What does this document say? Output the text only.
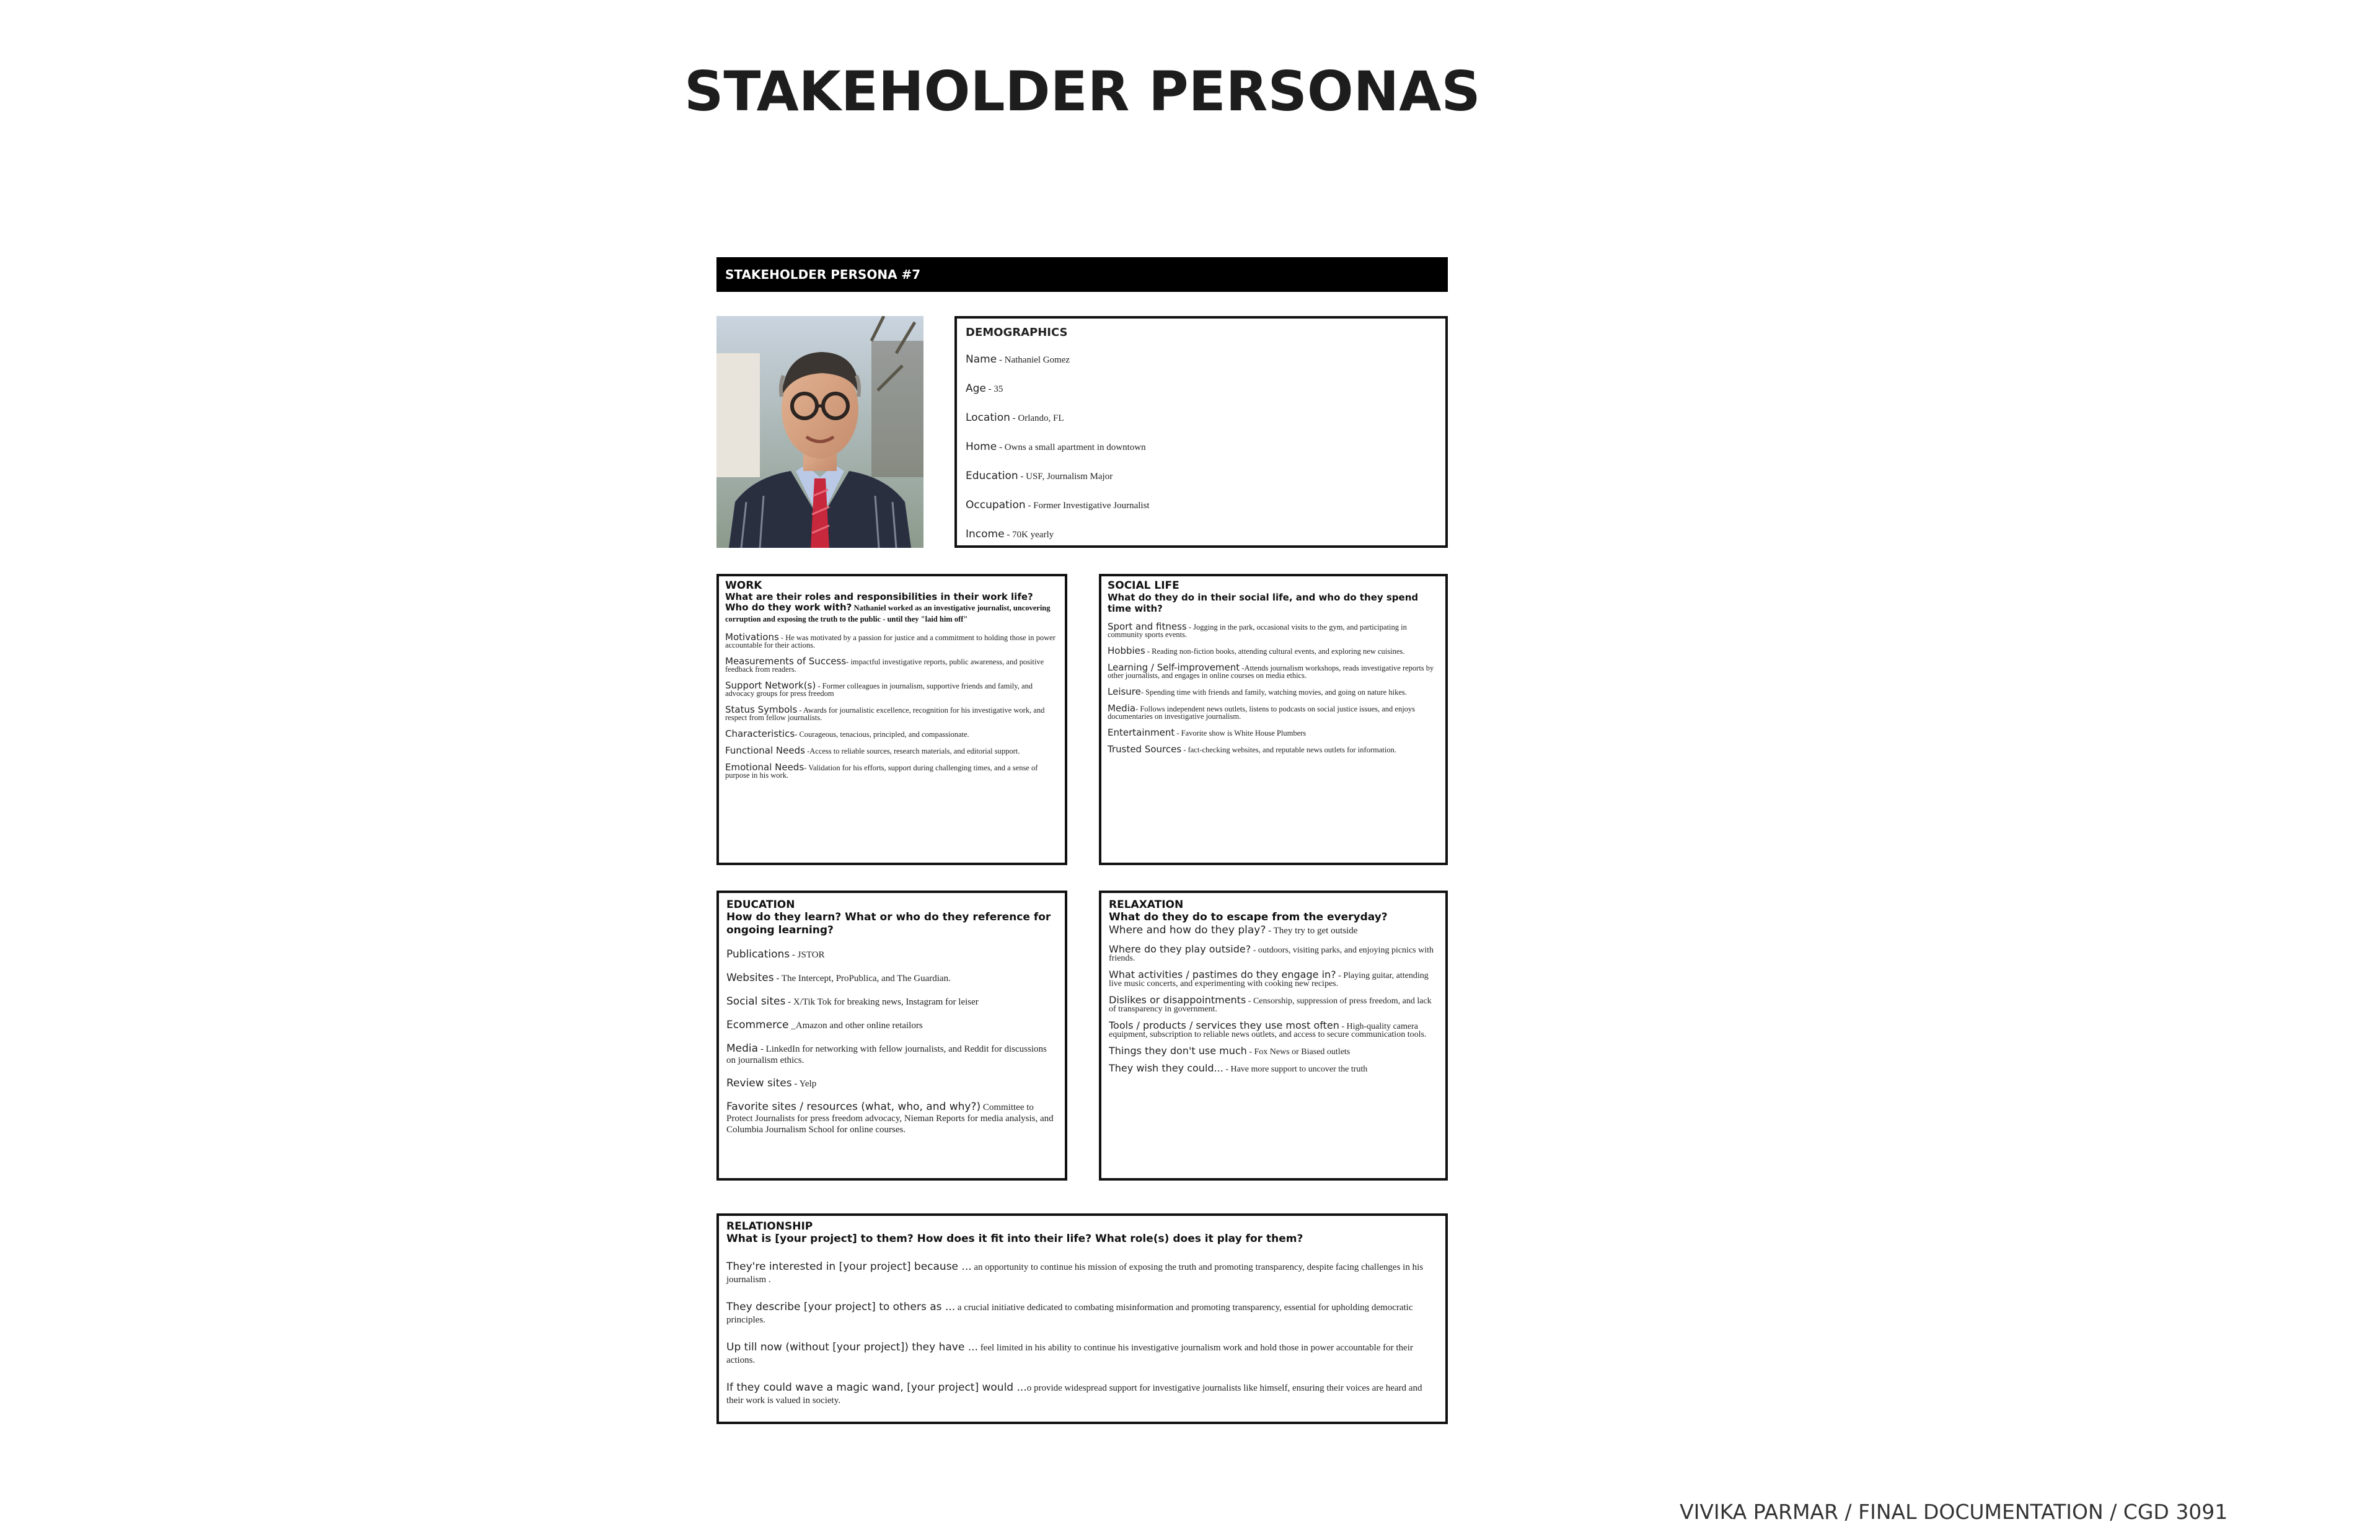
STAKEHOLDER PERSONAS
STAKEHOLDER PERSONA #7
DEMOGRAPHICS
Name - Nathaniel Gomez
Age - 35
Location - Orlando, FL
Home - Owns a small apartment in downtown
Education - USF, Journalism Major
Occupation - Former Investigative Journalist
Income - 70K yearly
WORK
What are their roles and responsibilities in their work life? Who do they work with? Nathaniel worked as an investigative journalist, uncovering corruption and exposing the truth to the public - until they "laid him off"
Motivations - He was motivated by a passion for justice and a commitment to holding those in power accountable for their actions.
Measurements of Success- impactful investigative reports, public awareness, and positive feedback from readers.
Support Network(s) - Former colleagues in journalism, supportive friends and family, and advocacy groups for press freedom
Status Symbols - Awards for journalistic excellence, recognition for his investigative work, and respect from fellow journalists.
Characteristics- Courageous, tenacious, principled, and compassionate.
Functional Needs -Access to reliable sources, research materials, and editorial support.
Emotional Needs- Validation for his efforts, support during challenging times, and a sense of purpose in his work.
SOCIAL LIFE
What do they do in their social life, and who do they spend time with?
Sport and fitness - Jogging in the park, occasional visits to the gym, and participating in community sports events.
Hobbies - Reading non-fiction books, attending cultural events, and exploring new cuisines.
Learning / Self-improvement -Attends journalism workshops, reads investigative reports by other journalists, and engages in online courses on media ethics.
Leisure- Spending time with friends and family, watching movies, and going on nature hikes.
Media- Follows independent news outlets, listens to podcasts on social justice issues, and enjoys documentaries on investigative journalism.
Entertainment - Favorite show is White House Plumbers
Trusted Sources - fact-checking websites, and reputable news outlets for information.
EDUCATION
How do they learn? What or who do they reference for ongoing learning?
Publications - JSTOR
Websites - The Intercept, ProPublica, and The Guardian.
Social sites - X/Tik Tok for breaking news, Instagram for leiser
Ecommerce _Amazon and other online retailors
Media - LinkedIn for networking with fellow journalists, and Reddit for discussions on journalism ethics.
Review sites - Yelp
Favorite sites / resources (what, who, and why?) Committee to Protect Journalists for press freedom advocacy, Nieman Reports for media analysis, and Columbia Journalism School for online courses.
RELAXATION
What do they do to escape from the everyday?
Where and how do they play? - They try to get outside
Where do they play outside? - outdoors, visiting parks, and enjoying picnics with friends.
What activities / pastimes do they engage in? - Playing guitar, attending live music concerts, and experimenting with cooking new recipes.
Dislikes or disappointments - Censorship, suppression of press freedom, and lack of transparency in government.
Tools / products / services they use most often - High-quality camera equipment, subscription to reliable news outlets, and access to secure communication tools.
Things they don't use much - Fox News or Biased outlets
They wish they could... - Have more support to uncover the truth
RELATIONSHIP
What is [your project] to them? How does it fit into their life? What role(s) does it play for them?
They're interested in [your project] because ... an opportunity to continue his mission of exposing the truth and promoting transparency, despite facing challenges in his journalism .
They describe [your project] to others as ... a crucial initiative dedicated to combating misinformation and promoting transparency, essential for upholding democratic principles.
Up till now (without [your project]) they have ... feel limited in his ability to continue his investigative journalism work and hold those in power accountable for their actions.
If they could wave a magic wand, [your project] would ...o provide widespread support for investigative journalists like himself, ensuring their voices are heard and their work is valued in society.
VIVIKA PARMAR / FINAL DOCUMENTATION / CGD 3091
